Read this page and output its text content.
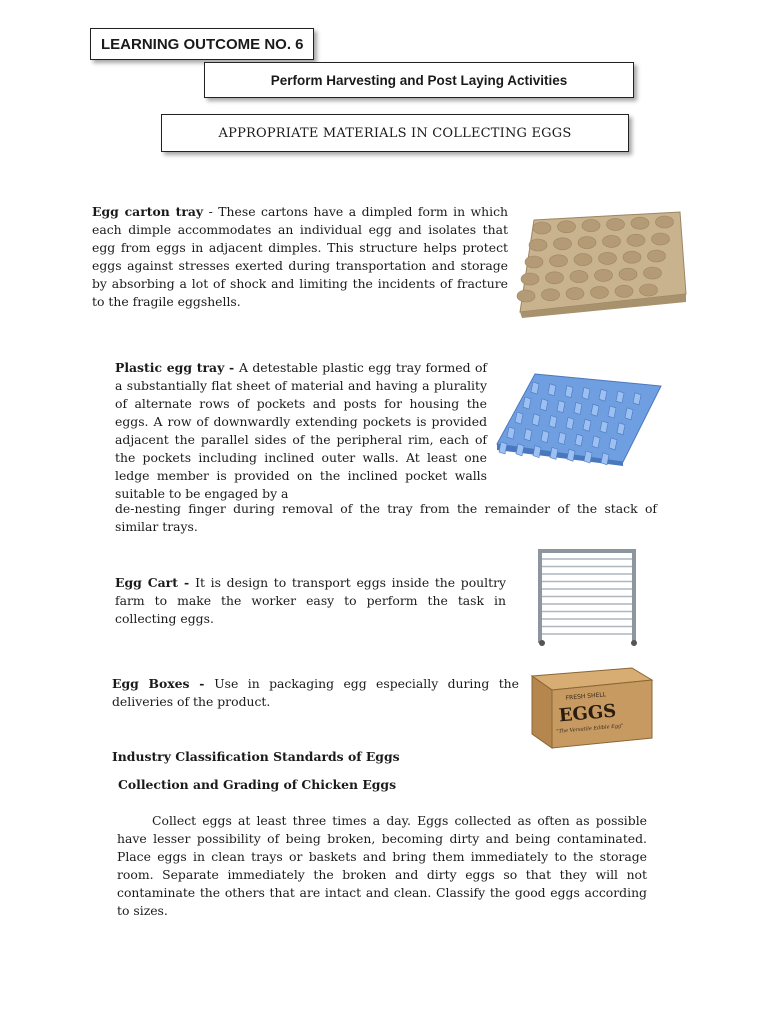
LEARNING OUTCOME NO. 6
Perform Harvesting and Post Laying Activities
APPROPRIATE MATERIALS IN COLLECTING EGGS

Egg carton tray - These cartons have a dimpled form in which each dimple accommodates an individual egg and isolates that egg from eggs in adjacent dimples. This structure helps protect eggs against stresses exerted during transportation and storage by absorbing a lot of shock and limiting the incidents of fracture to the fragile eggshells.

Plastic egg tray - A detestable plastic egg tray formed of a substantially flat sheet of material and having a plurality of alternate rows of pockets and posts for housing the eggs. A row of downwardly extending pockets is provided adjacent the parallel sides of the peripheral rim, each of the pockets including inclined outer walls. At least one ledge member is provided on the inclined pocket walls suitable to be engaged by a

de-nesting finger during removal of the tray from the remainder of the stack of similar trays.

Egg Cart - It is design to transport eggs inside the poultry farm to make the worker easy to perform the task in collecting eggs.

Egg Boxes - Use in packaging egg especially during the deliveries of the product.	FRESH SHELL
EGGS
"The Versatile Edible Egg"

Industry Classification Standards of Eggs

Collection and Grading of Chicken Eggs

Collect eggs at least three times a day. Eggs collected as often as possible have lesser possibility of being broken, becoming dirty and being contaminated. Place eggs in clean trays or baskets and bring them immediately to the storage room. Separate immediately the broken and dirty eggs so that they will not contaminate the others that are intact and clean. Classify the good eggs according to sizes.
